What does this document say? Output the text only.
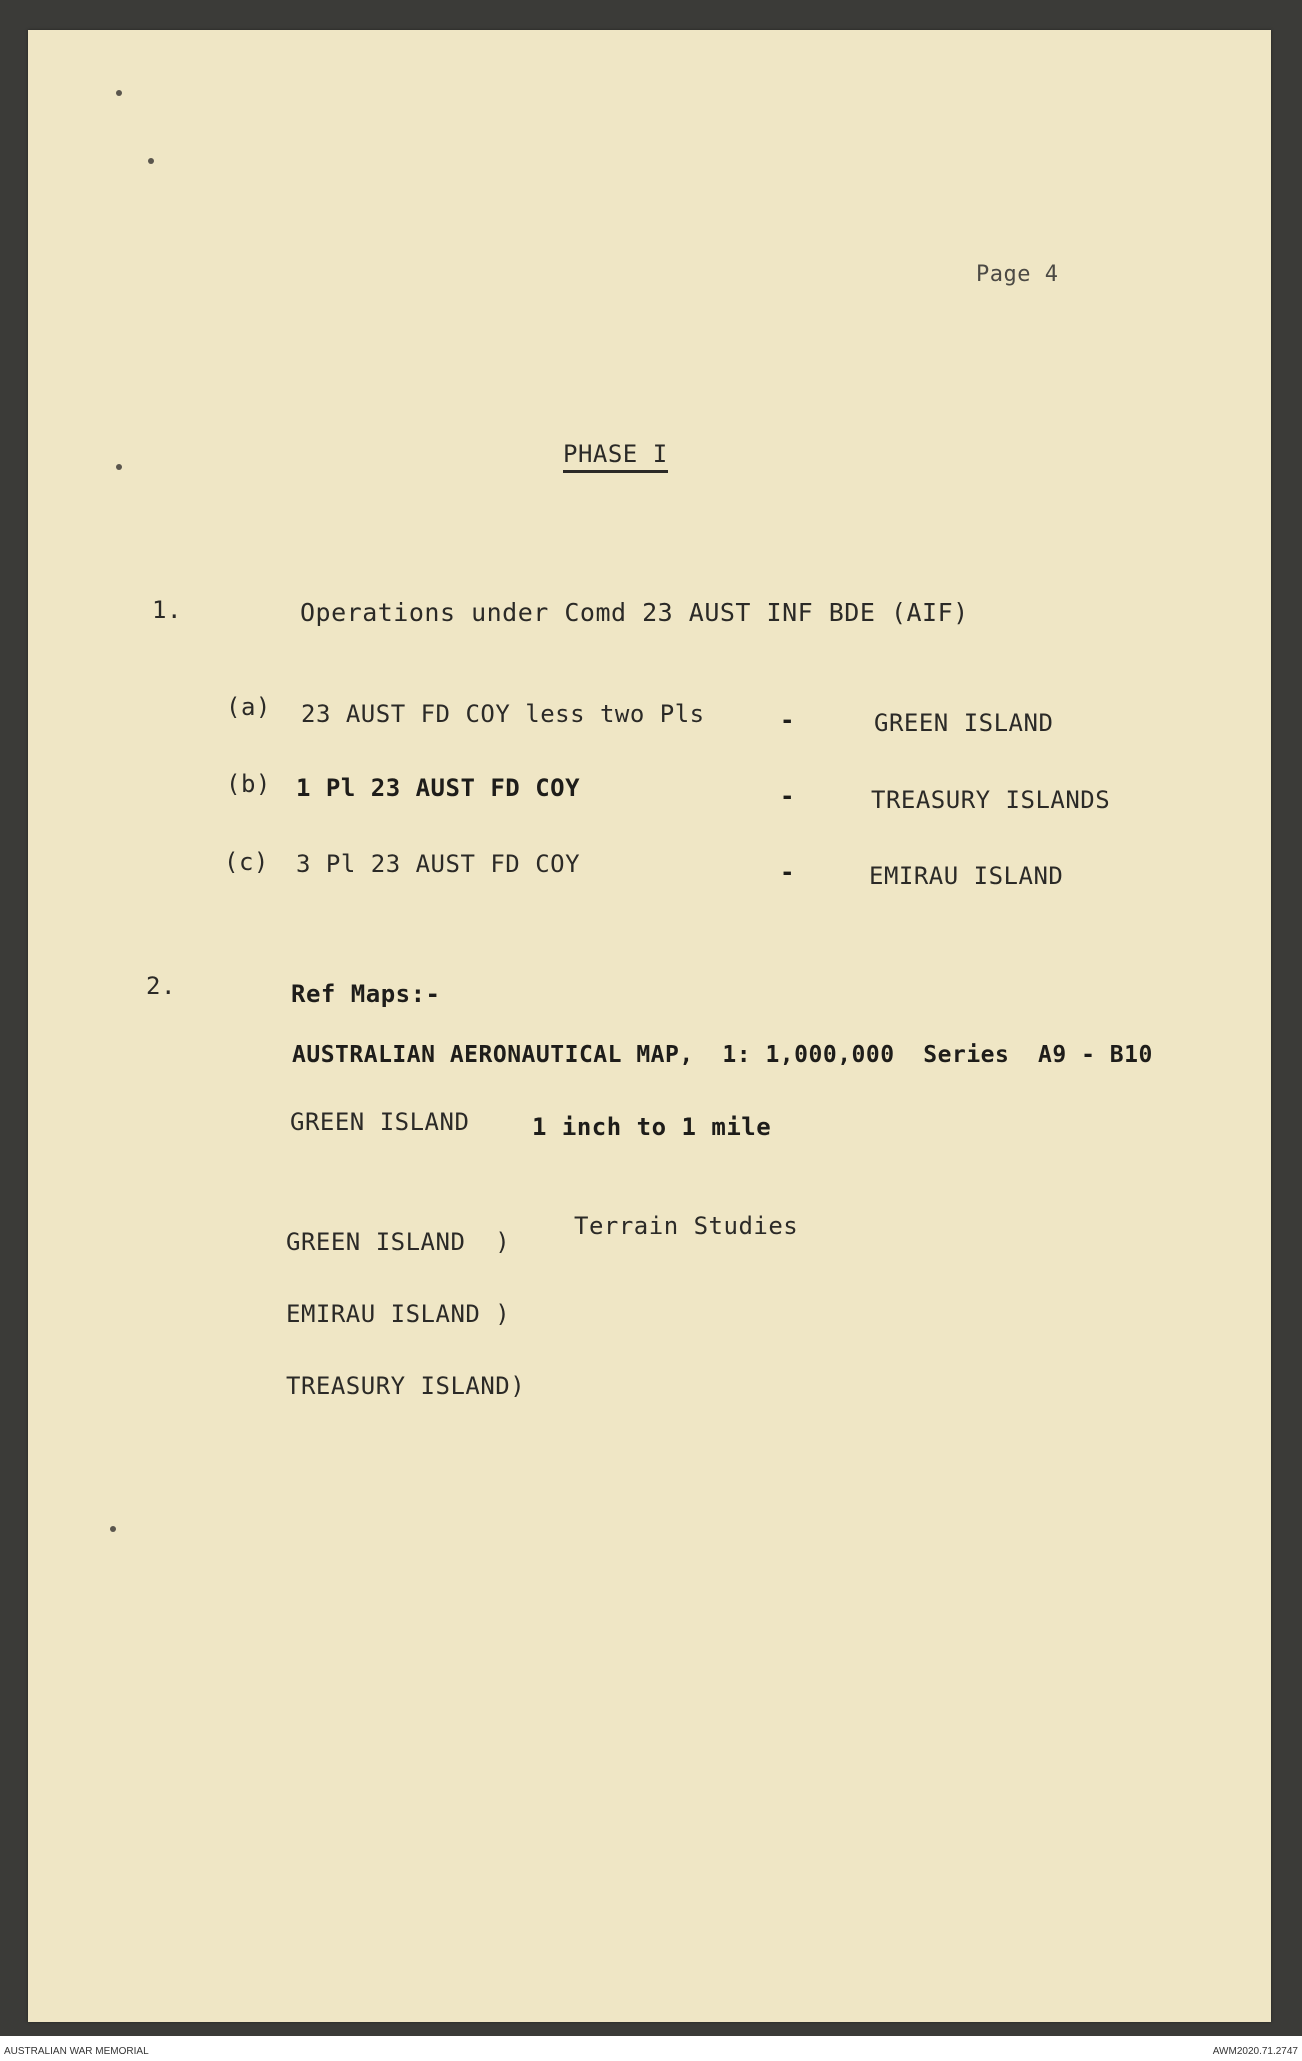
Page 4
PHASE I
1.	Operations under Comd 23 AUST INF BDE (AIF)
(a) 23 AUST FD COY less two Pls	-	GREEN ISLAND
(b) 1 Pl 23 AUST FD COY	-	TREASURY ISLANDS
(c) 3 Pl 23 AUST FD COY	-	EMIRAU ISLAND
2.	Ref Maps:-
AUSTRALIAN AERONAUTICAL MAP,  1: 1,000,000  Series  A9 - B10
GREEN ISLAND	1 inch to 1 mile

GREEN ISLAND  )

EMIRAU ISLAND )

TREASURY ISLAND)

Terrain Studies
AUSTRALIAN WAR MEMORIAL	AWM2020.71.2747
